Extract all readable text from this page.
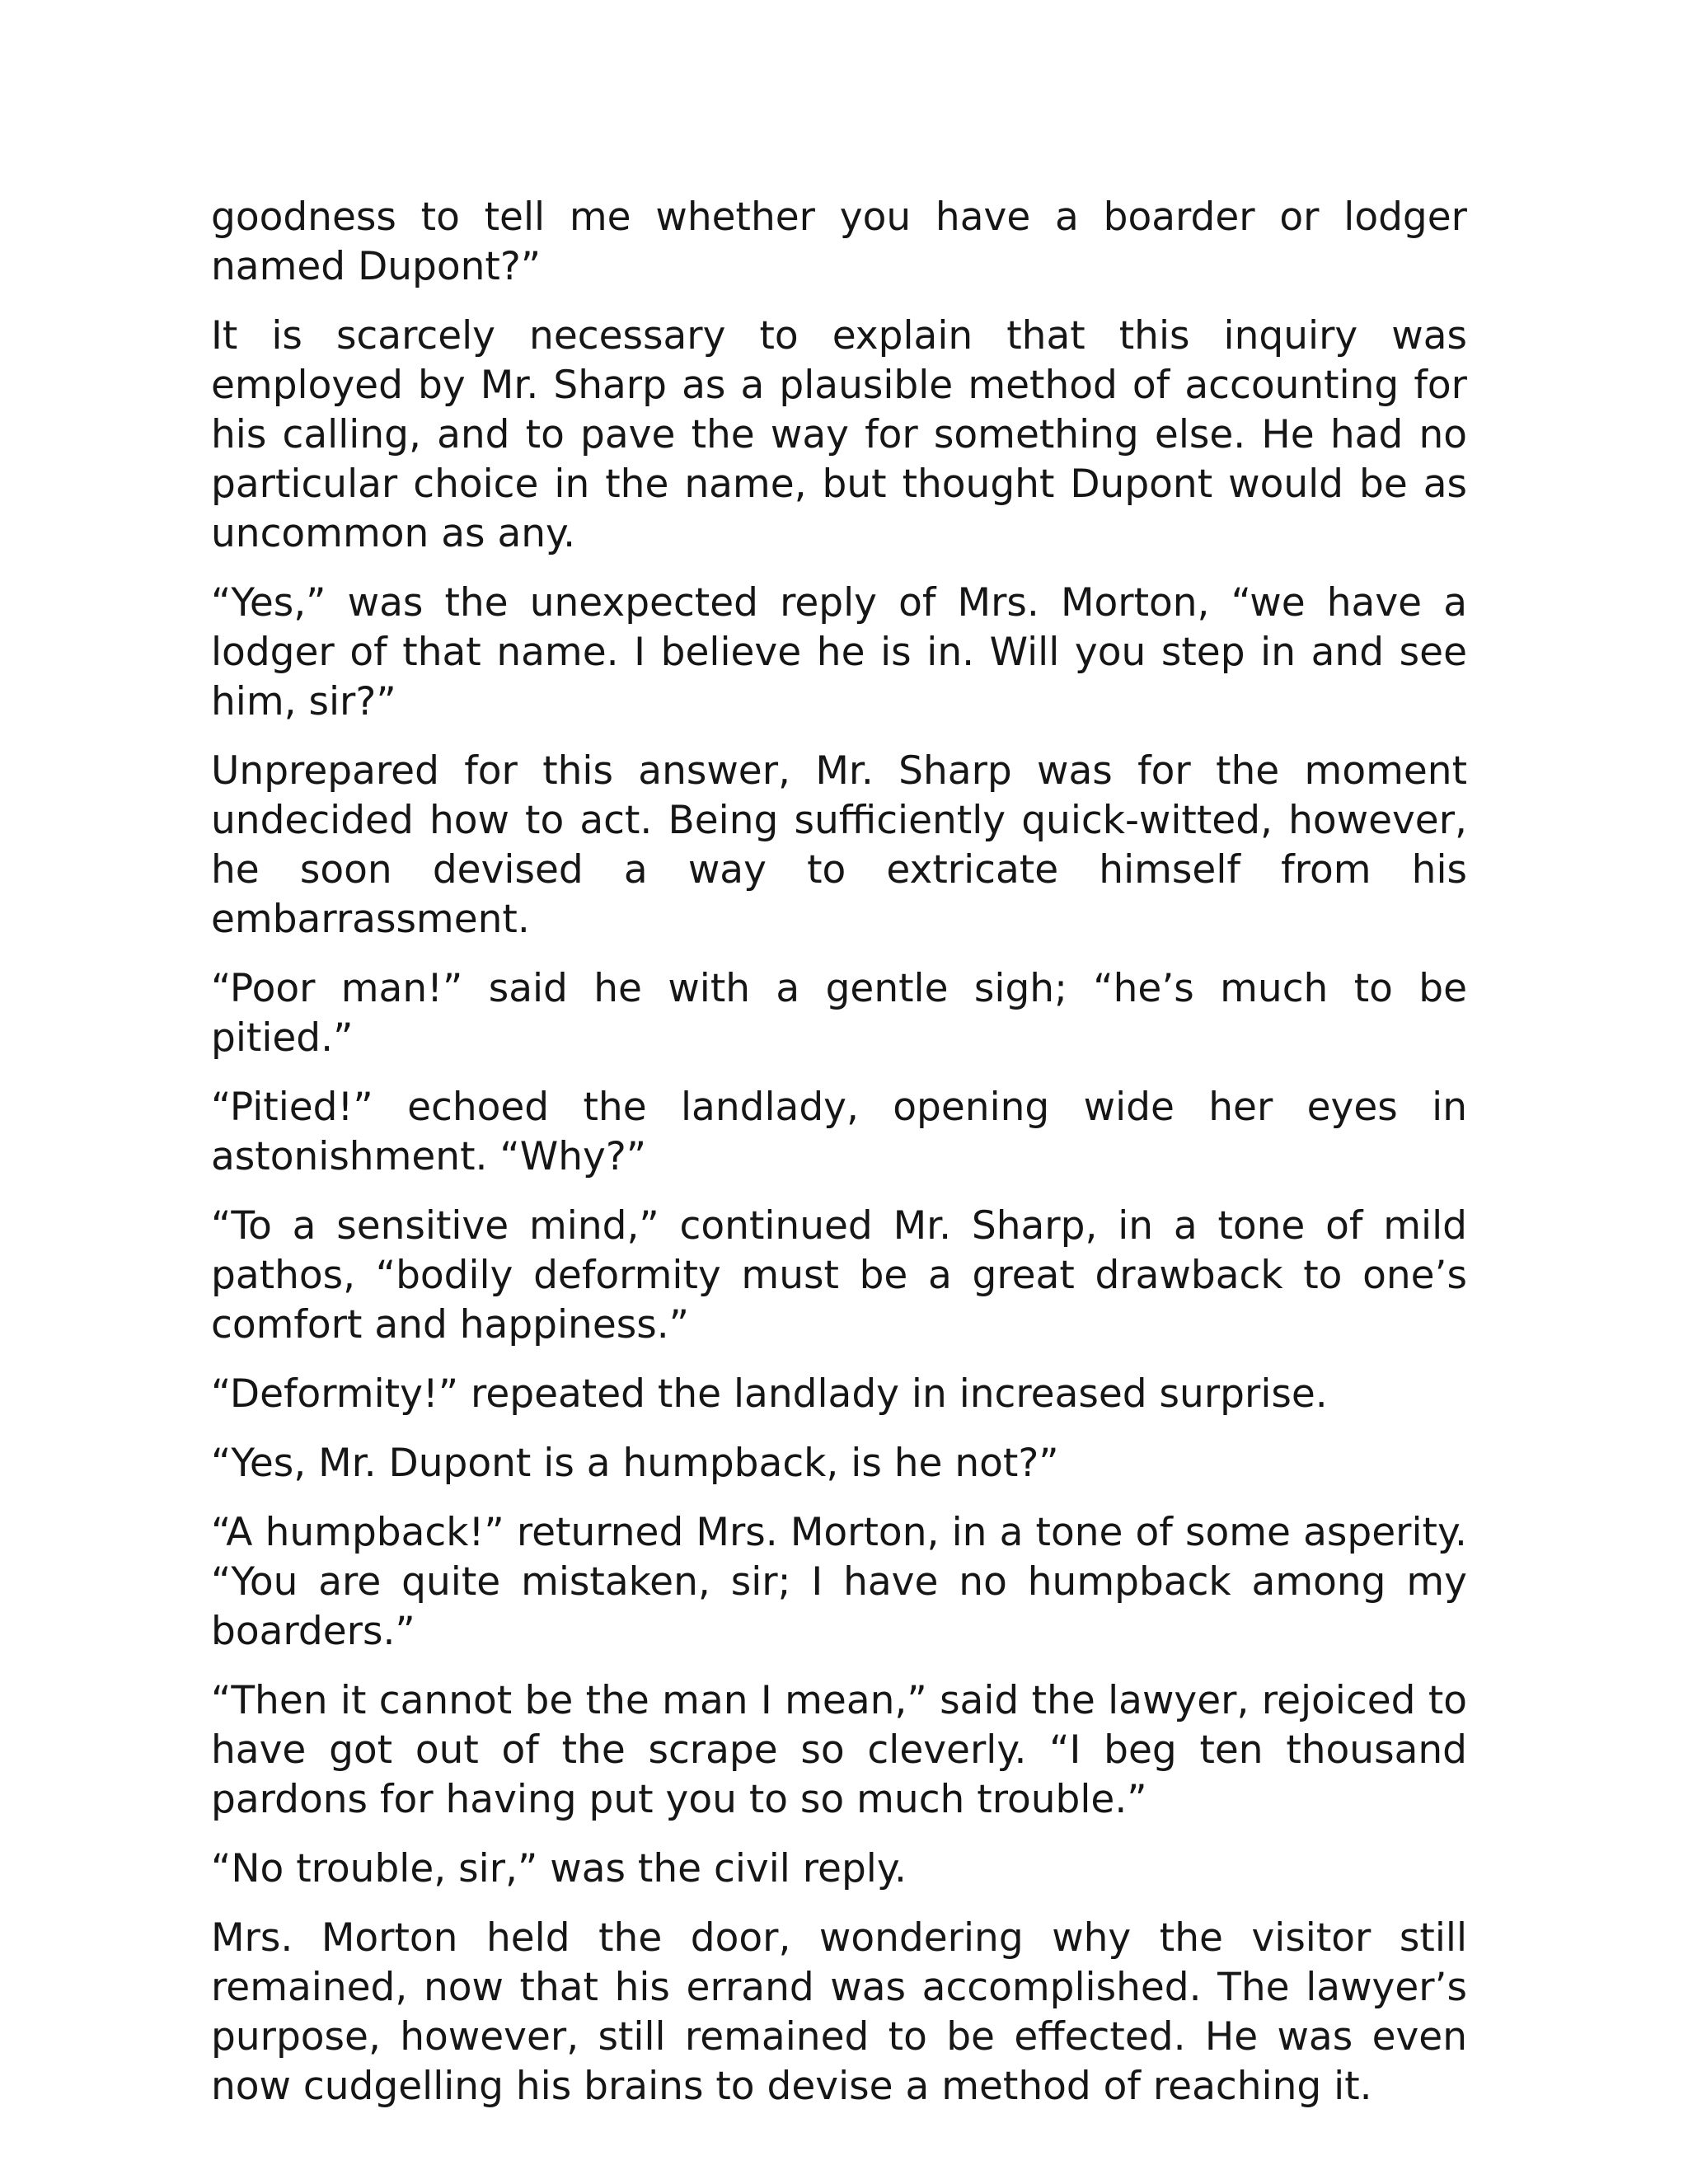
goodness to tell me whether you have a boarder or lodger named Dupont?”

It is scarcely necessary to explain that this inquiry was employed by Mr. Sharp as a plausible method of accounting for his calling, and to pave the way for something else. He had no particular choice in the name, but thought Dupont would be as uncommon as any.

“Yes,” was the unexpected reply of Mrs. Morton, “we have a lodger of that name. I believe he is in. Will you step in and see him, sir?”

Unprepared for this answer, Mr. Sharp was for the moment undecided how to act. Being sufficiently quick-witted, however, he soon devised a way to extricate himself from his embarrassment.

“Poor man!” said he with a gentle sigh; “he’s much to be pitied.”

“Pitied!” echoed the landlady, opening wide her eyes in astonishment. “Why?”

“To a sensitive mind,” continued Mr. Sharp, in a tone of mild pathos, “bodily deformity must be a great drawback to one’s comfort and happiness.”

“Deformity!” repeated the landlady in increased surprise.

“Yes, Mr. Dupont is a humpback, is he not?”

“A humpback!” returned Mrs. Morton, in a tone of some asperity. “You are quite mistaken, sir; I have no humpback among my boarders.”

“Then it cannot be the man I mean,” said the lawyer, rejoiced to have got out of the scrape so cleverly. “I beg ten thousand pardons for having put you to so much trouble.”

“No trouble, sir,” was the civil reply.

Mrs. Morton held the door, wondering why the visitor still remained, now that his errand was accomplished. The lawyer’s purpose, however, still remained to be effected. He was even now cudgelling his brains to devise a method of reaching it.
